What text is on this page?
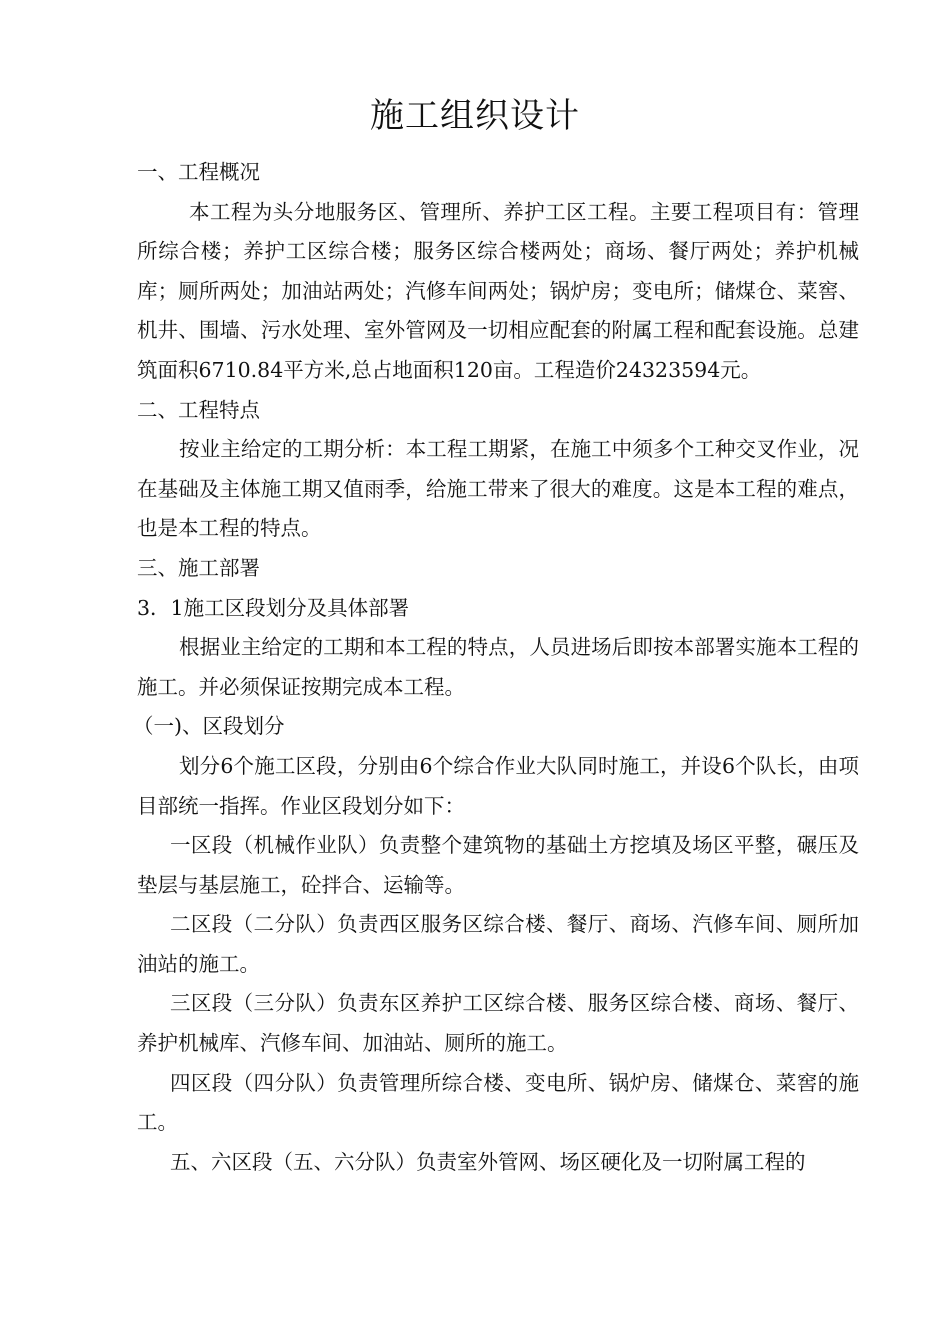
施工组织设计

一、工程概况

本工程为头分地服务区、管理所、养护工区工程。主要工程项目有：管理所综合楼；养护工区综合楼；服务区综合楼两处；商场、餐厅两处；养护机械库；厕所两处；加油站两处；汽修车间两处；锅炉房；变电所；储煤仓、菜窖、机井、围墙、污水处理、室外管网及一切相应配套的附属工程和配套设施。总建筑面积6710.84平方米,总占地面积120亩。工程造价24323594元。

二、工程特点

按业主给定的工期分析：本工程工期紧，在施工中须多个工种交叉作业，况在基础及主体施工期又值雨季，给施工带来了很大的难度。这是本工程的难点，也是本工程的特点。

三、施工部署

3．1施工区段划分及具体部署

根据业主给定的工期和本工程的特点，人员进场后即按本部署实施本工程的施工。并必须保证按期完成本工程。

（一)、区段划分

划分6个施工区段，分别由6个综合作业大队同时施工，并设6个队长，由项目部统一指挥。作业区段划分如下：

一区段（机械作业队）负责整个建筑物的基础土方挖填及场区平整，碾压及垫层与基层施工，砼拌合、运输等。

二区段（二分队）负责西区服务区综合楼、餐厅、商场、汽修车间、厕所加油站的施工。

三区段（三分队）负责东区养护工区综合楼、服务区综合楼、商场、餐厅、养护机械库、汽修车间、加油站、厕所的施工。

四区段（四分队）负责管理所综合楼、变电所、锅炉房、储煤仓、菜窖的施工。

五、六区段（五、六分队）负责室外管网、场区硬化及一切附属工程的
